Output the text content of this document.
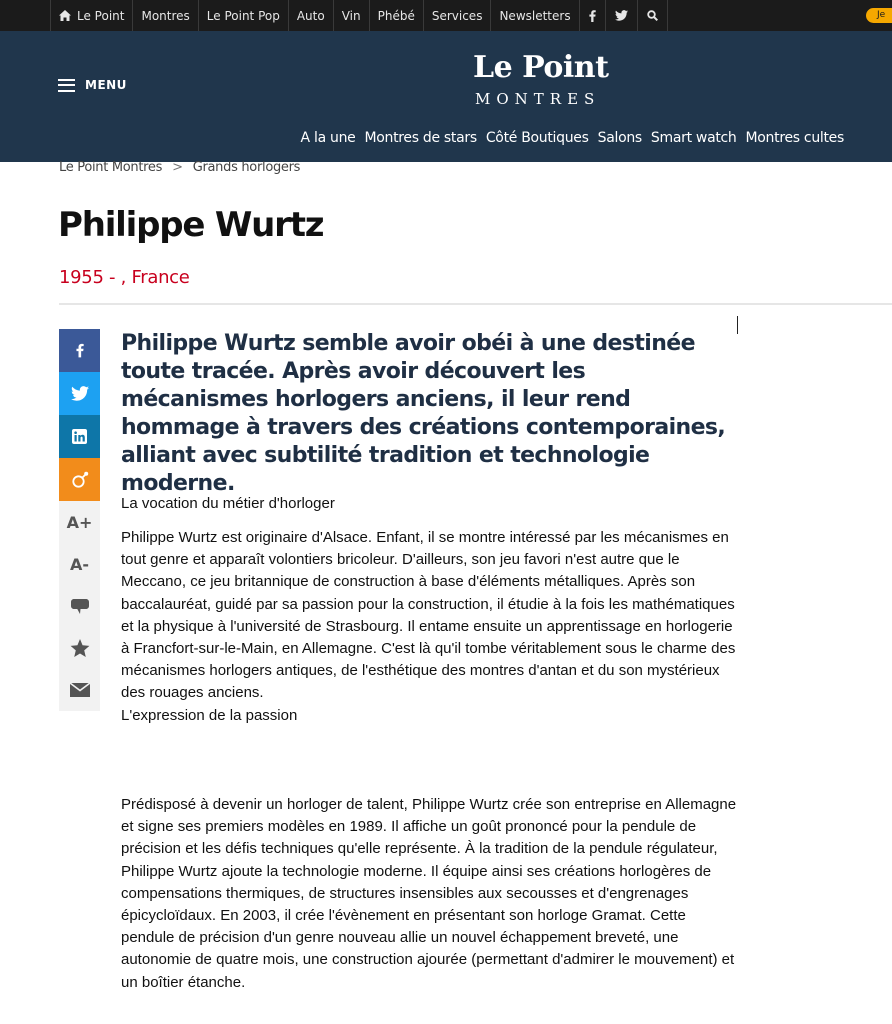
Le Point	Montres	Le Point Pop	Auto	Vin	Phébé	Services	Newsletters	Je
MENU	Le Point
MONTRES
A la une Montres de stars Côté Boutiques Salons Smart watch Montres cultes
Le Point Montres > Grands horlogers
Philippe Wurtz
1955 - , France
A+
A-
Philippe Wurtz semble avoir obéi à une destinée toute tracée. Après avoir découvert les mécanismes horlogers anciens, il leur rend hommage à travers des créations contemporaines, alliant avec subtilité tradition et technologie moderne.
La vocation du métier d'horloger

Philippe Wurtz est originaire d'Alsace. Enfant, il se montre intéressé par les mécanismes en tout genre et apparaît volontiers bricoleur. D'ailleurs, son jeu favori n'est autre que le Meccano, ce jeu britannique de construction à base d'éléments métalliques. Après son baccalauréat, guidé par sa passion pour la construction, il étudie à la fois les mathématiques et la physique à l'université de Strasbourg. Il entame ensuite un apprentissage en horlogerie à Francfort-sur-le-Main, en Allemagne. C'est là qu'il tombe véritablement sous le charme des mécanismes horlogers antiques, de l'esthétique des montres d'antan et du son mystérieux des rouages anciens.

L'expression de la passion

Prédisposé à devenir un horloger de talent, Philippe Wurtz crée son entreprise en Allemagne et signe ses premiers modèles en 1989. Il affiche un goût prononcé pour la pendule de précision et les défis techniques qu'elle représente. À la tradition de la pendule régulateur, Philippe Wurtz ajoute la technologie moderne. Il équipe ainsi ses créations horlogères de compensations thermiques, de structures insensibles aux secousses et d'engrenages épicycloïdaux. En 2003, il crée l'évènement en présentant son horloge Gramat. Cette pendule de précision d'un genre nouveau allie un nouvel échappement breveté, une autonomie de quatre mois, une construction ajourée (permettant d'admirer le mouvement) et un boîtier étanche.
